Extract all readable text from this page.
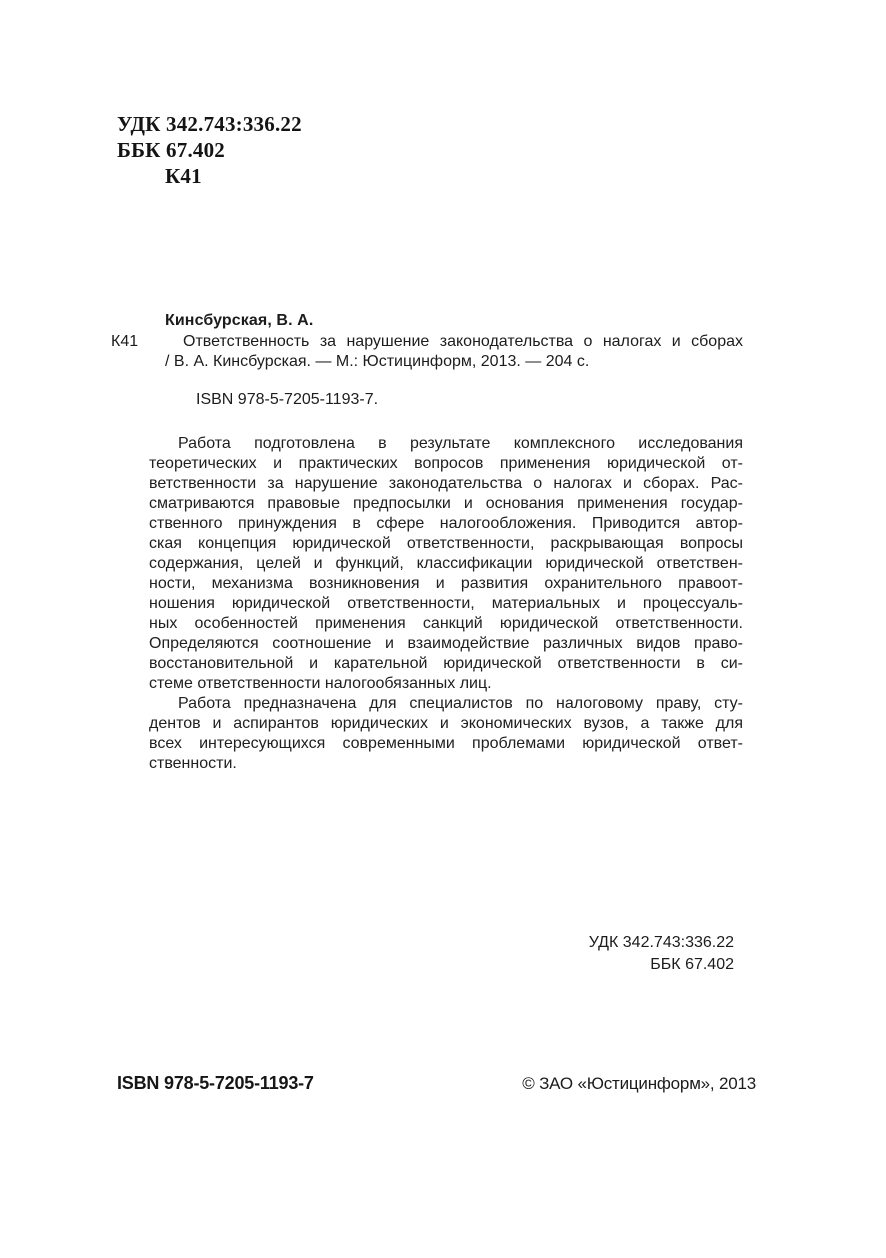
УДК 342.743:336.22
ББК 67.402
К41
Кинсбурская, В. А.
К41	Ответственность за нарушение законодательства о налогах и сборах
/ В. А. Кинсбурская. — М.: Юстицинформ, 2013. — 204 с.
ISBN 978-5-7205-1193-7.
Работа подготовлена в результате комплексного исследования
теоретических и практических вопросов применения юридической от-
ветственности за нарушение законодательства о налогах и сборах. Рас-
сматриваются правовые предпосылки и основания применения государ-
ственного принуждения в сфере налогообложения. Приводится автор-
ская концепция юридической ответственности, раскрывающая вопросы
содержания, целей и функций, классификации юридической ответствен-
ности, механизма возникновения и развития охранительного правоот-
ношения юридической ответственности, материальных и процессуаль-
ных особенностей применения санкций юридической ответственности.
Определяются соотношение и взаимодействие различных видов право-
восстановительной и карательной юридической ответственности в си-
стеме ответственности налогообязанных лиц.
Работа предназначена для специалистов по налоговому праву, сту-
дентов и аспирантов юридических и экономических вузов, а также для
всех интересующихся современными проблемами юридической ответ-
ственности.
УДК 342.743:336.22
ББК 67.402
ISBN 978-5-7205-1193-7	© ЗАО «Юстицинформ», 2013
